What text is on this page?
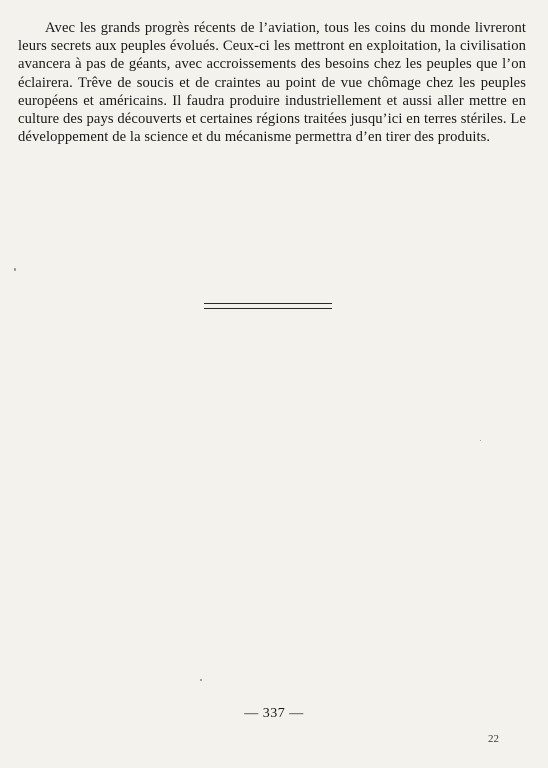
Avec les grands progrès récents de l’aviation, tous les coins du monde livreront leurs secrets aux peuples évolués. Ceux-ci les mettront en exploitation, la civilisation avancera à pas de géants, avec accroissements des besoins chez les peuples que l’on éclairera. Trêve de soucis et de craintes au point de vue chômage chez les peuples européens et américains. Il faudra produire industriellement et aussi aller mettre en culture des pays découverts et certaines régions traitées jusqu’ici en terres stériles. Le développement de la science et du mécanisme permettra d’en tirer des produits.

— 337 —
22
